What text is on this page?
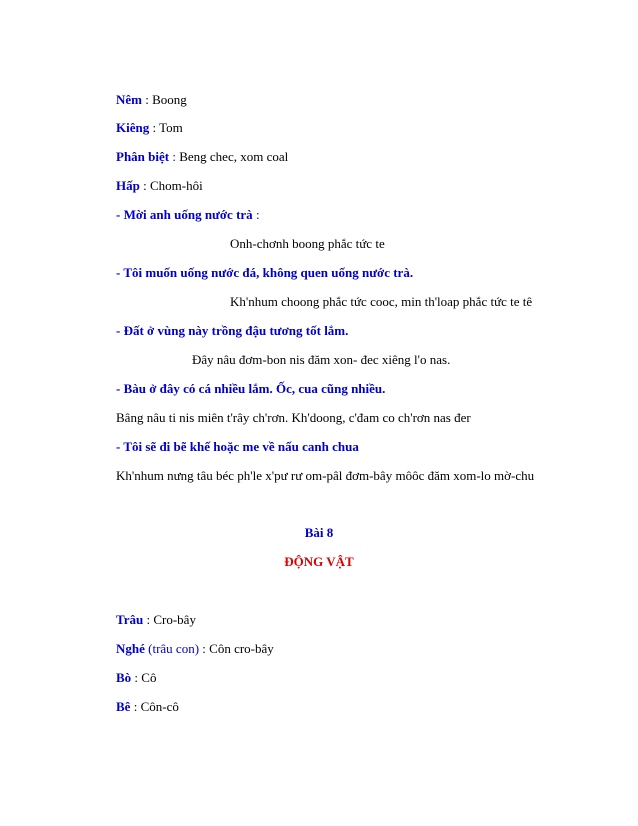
Nêm : Boong
Kiêng : Tom
Phân biệt : Beng chec, xom coal
Hấp : Chom-hôi
- Mời anh uống nước trà :
Onh-chơnh boong phắc tức te
- Tôi muốn uống nước đá, không quen uống nước trà.
Kh'nhum choong phắc tức cooc, min th'loap phắc tức te tê
- Đất ở vùng này trồng đậu tương tốt lắm.
Đây nâu đơm-bon nis đăm xon- đec xiêng l'o nas.
- Bàu ở đây có cá nhiều lắm. Ốc, cua cũng nhiều.
Bâng nâu ti nis miên t'rây ch'rơn. Kh'doong, c'đam co ch'rơn nas đer
- Tôi sẽ đi bẽ khế hoặc me về nấu canh chua
Kh'nhum nưng tâu béc ph'le x'pư rư om-pâl đơm-bây môôc đăm xom-lo mờ-chu
Bài 8
ĐỘNG VẬT
Trâu : Cro-bây
Nghé (trâu con) : Côn cro-bây
Bò : Cô
Bê : Côn-cô
